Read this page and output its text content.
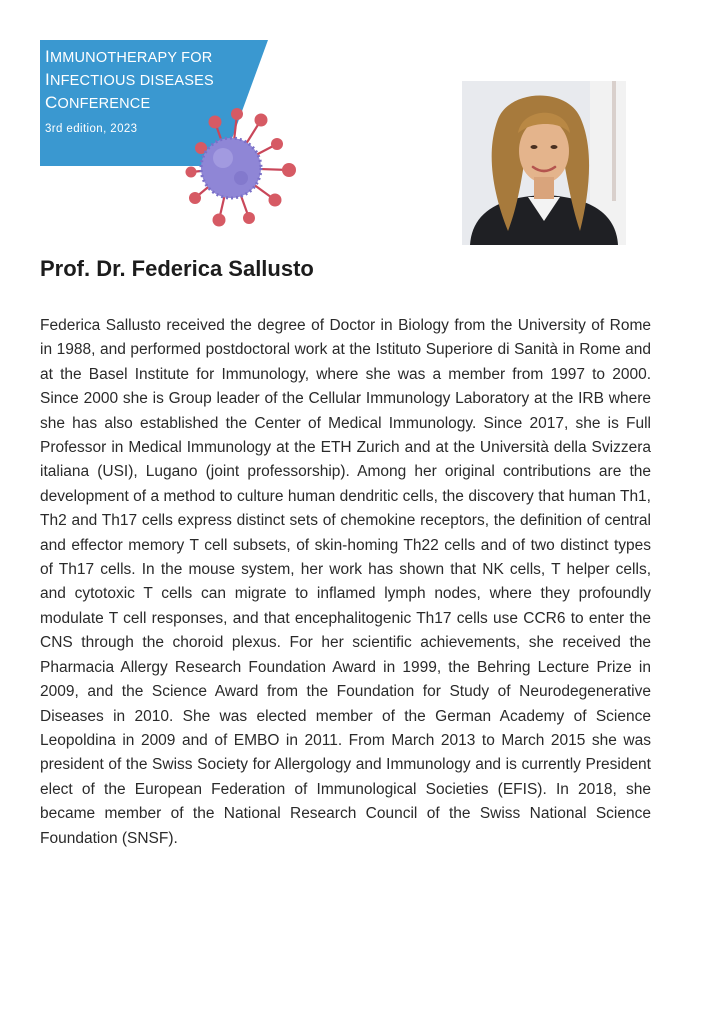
IMMUNOTHERAPY FOR
INFECTIOUS DISEASES
CONFERENCE
3rd edition, 2023
Prof. Dr. Federica Sallusto

Federica Sallusto received the degree of Doctor in Biology from the University of Rome in 1988, and performed postdoctoral work at the Istituto Superiore di Sanità in Rome and at the Basel Institute for Immunology, where she was a member from 1997 to 2000. Since 2000 she is Group leader of the Cellular Immunology Laboratory at the IRB where she has also established the Center of Medical Immunology. Since 2017, she is Full Professor in Medical Immunology at the ETH Zurich and at the Università della Svizzera italiana (USI), Lugano (joint professorship). Among her original contributions are the development of a method to culture human dendritic cells, the discovery that human Th1, Th2 and Th17 cells express distinct sets of chemokine receptors, the definition of central and effector memory T cell subsets, of skin-homing Th22 cells and of two distinct types of Th17 cells. In the mouse system, her work has shown that NK cells, T helper cells, and cytotoxic T cells can migrate to inflamed lymph nodes, where they profoundly modulate T cell responses, and that encephalitogenic Th17 cells use CCR6 to enter the CNS through the choroid plexus. For her scientific achievements, she received the Pharmacia Allergy Research Foundation Award in 1999, the Behring Lecture Prize in 2009, and the Science Award from the Foundation for Study of Neurodegenerative Diseases in 2010. She was elected member of the German Academy of Science Leopoldina in 2009 and of EMBO in 2011. From March 2013 to March 2015 she was president of the Swiss Society for Allergology and Immunology and is currently President elect of the European Federation of Immunological Societies (EFIS). In 2018, she became member of the National Research Council of the Swiss National Science Foundation (SNSF).
